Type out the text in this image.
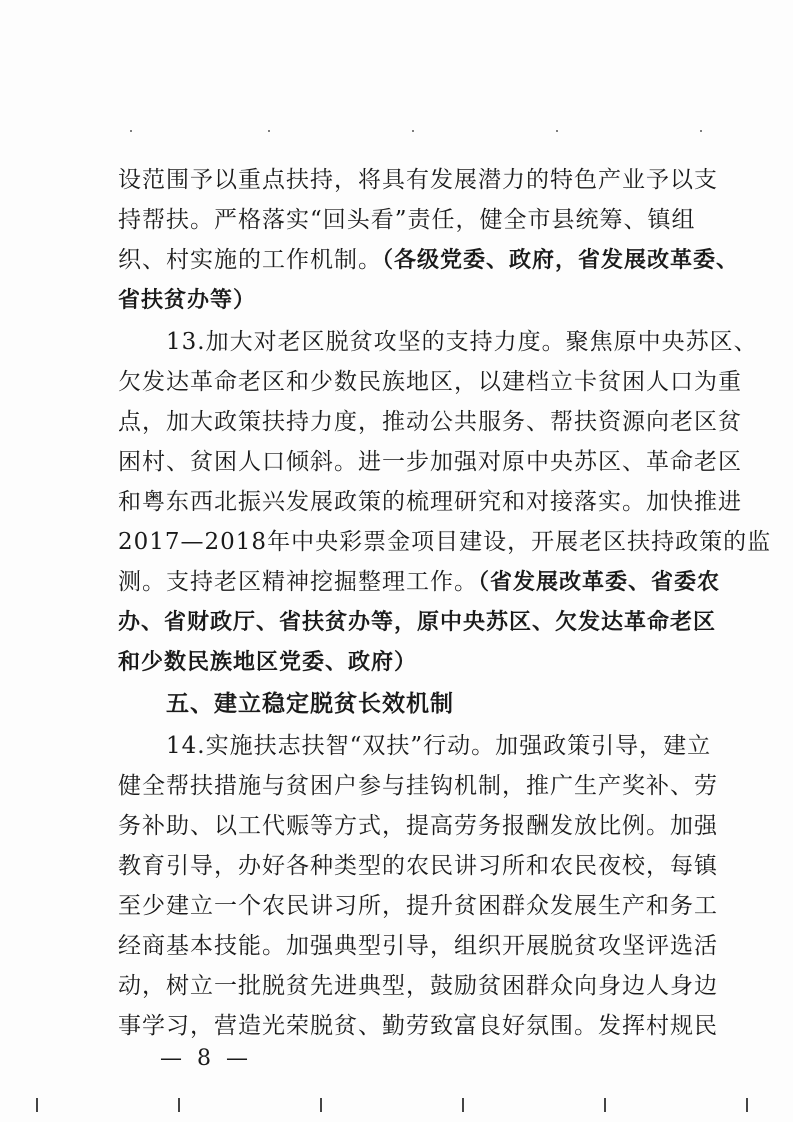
设范围予以重点扶持，将具有发展潜力的特色产业予以支
持帮扶。严格落实“回头看”责任，健全市县统筹、镇组
织、村实施的工作机制。（各级党委、政府，省发展改革委、
省扶贫办等）
13.加大对老区脱贫攻坚的支持力度。聚焦原中央苏区、
欠发达革命老区和少数民族地区，以建档立卡贫困人口为重
点，加大政策扶持力度，推动公共服务、帮扶资源向老区贫
困村、贫困人口倾斜。进一步加强对原中央苏区、革命老区
和粤东西北振兴发展政策的梳理研究和对接落实。加快推进
2017—2018年中央彩票金项目建设，开展老区扶持政策的监
测。支持老区精神挖掘整理工作。（省发展改革委、省委农
办、省财政厅、省扶贫办等，原中央苏区、欠发达革命老区
和少数民族地区党委、政府）
五、建立稳定脱贫长效机制
14.实施扶志扶智“双扶”行动。加强政策引导，建立
健全帮扶措施与贫困户参与挂钩机制，推广生产奖补、劳
务补助、以工代赈等方式，提高劳务报酬发放比例。加强
教育引导，办好各种类型的农民讲习所和农民夜校，每镇
至少建立一个农民讲习所，提升贫困群众发展生产和务工
经商基本技能。加强典型引导，组织开展脱贫攻坚评选活
动，树立一批脱贫先进典型，鼓励贫困群众向身边人身边
事学习，营造光荣脱贫、勤劳致富良好氛围。发挥村规民
— 8 —
